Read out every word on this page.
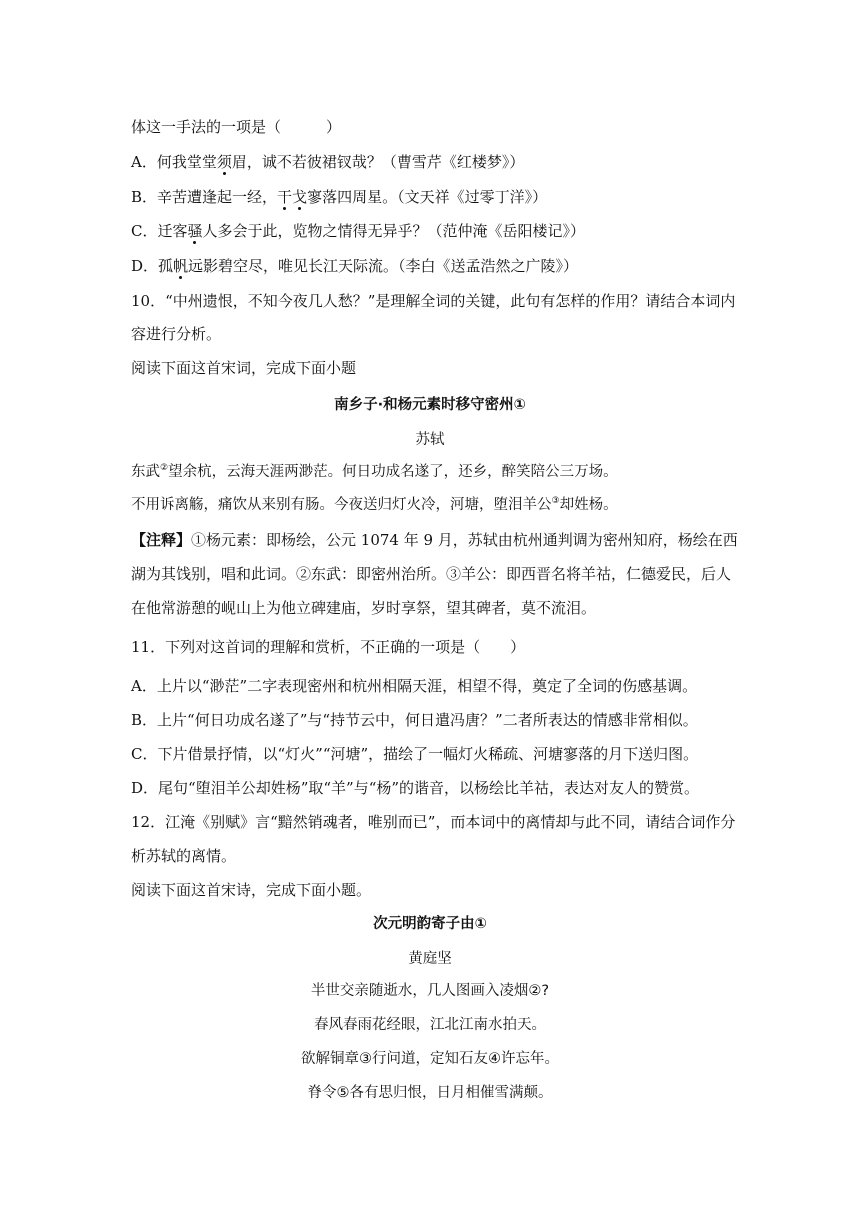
体这一手法的一项是（　　　）
A．何我堂堂须眉，诚不若彼裙钗哉？（曹雪芹《红楼梦》）
B．辛苦遭逢起一经，干戈寥落四周星。（文天祥《过零丁洋》）
C．迁客骚人多会于此，览物之情得无异乎？（范仲淹《岳阳楼记》）
D．孤帆远影碧空尽，唯见长江天际流。（李白《送孟浩然之广陵》）
10．“中州遗恨，不知今夜几人愁？”是理解全词的关键，此句有怎样的作用？请结合本词内
容进行分析。
阅读下面这首宋词，完成下面小题
南乡子·和杨元素时移守密州①
苏轼
东武②望余杭，云海天涯两渺茫。何日功成名遂了，还乡，醉笑陪公三万场。
不用诉离觞，痛饮从来别有肠。今夜送归灯火冷，河塘，堕泪羊公③却姓杨。
【注释】①杨元素：即杨绘，公元 1074 年 9 月，苏轼由杭州通判调为密州知府，杨绘在西
湖为其饯别，唱和此词。②东武：即密州治所。③羊公：即西晋名将羊祜，仁德爱民，后人
在他常游憩的岘山上为他立碑建庙，岁时享祭，望其碑者，莫不流泪。
11．下列对这首词的理解和赏析，不正确的一项是（　　）
A．上片以“渺茫”二字表现密州和杭州相隔天涯，相望不得，奠定了全词的伤感基调。
B．上片“何日功成名遂了”与“持节云中，何日遣冯唐？”二者所表达的情感非常相似。
C．下片借景抒情，以“灯火”“河塘”，描绘了一幅灯火稀疏、河塘寥落的月下送归图。
D．尾句“堕泪羊公却姓杨”取“羊”与“杨”的谐音，以杨绘比羊祜，表达对友人的赞赏。
12．江淹《别赋》言“黯然销魂者，唯别而已”，而本词中的离情却与此不同，请结合词作分
析苏轼的离情。
阅读下面这首宋诗，完成下面小题。
次元明韵寄子由①
黄庭坚
半世交亲随逝水，几人图画入凌烟②?
春风春雨花经眼，江北江南水拍天。
欲解铜章③行问道，定知石友④许忘年。
脊令⑤各有思归恨，日月相催雪满颠。
